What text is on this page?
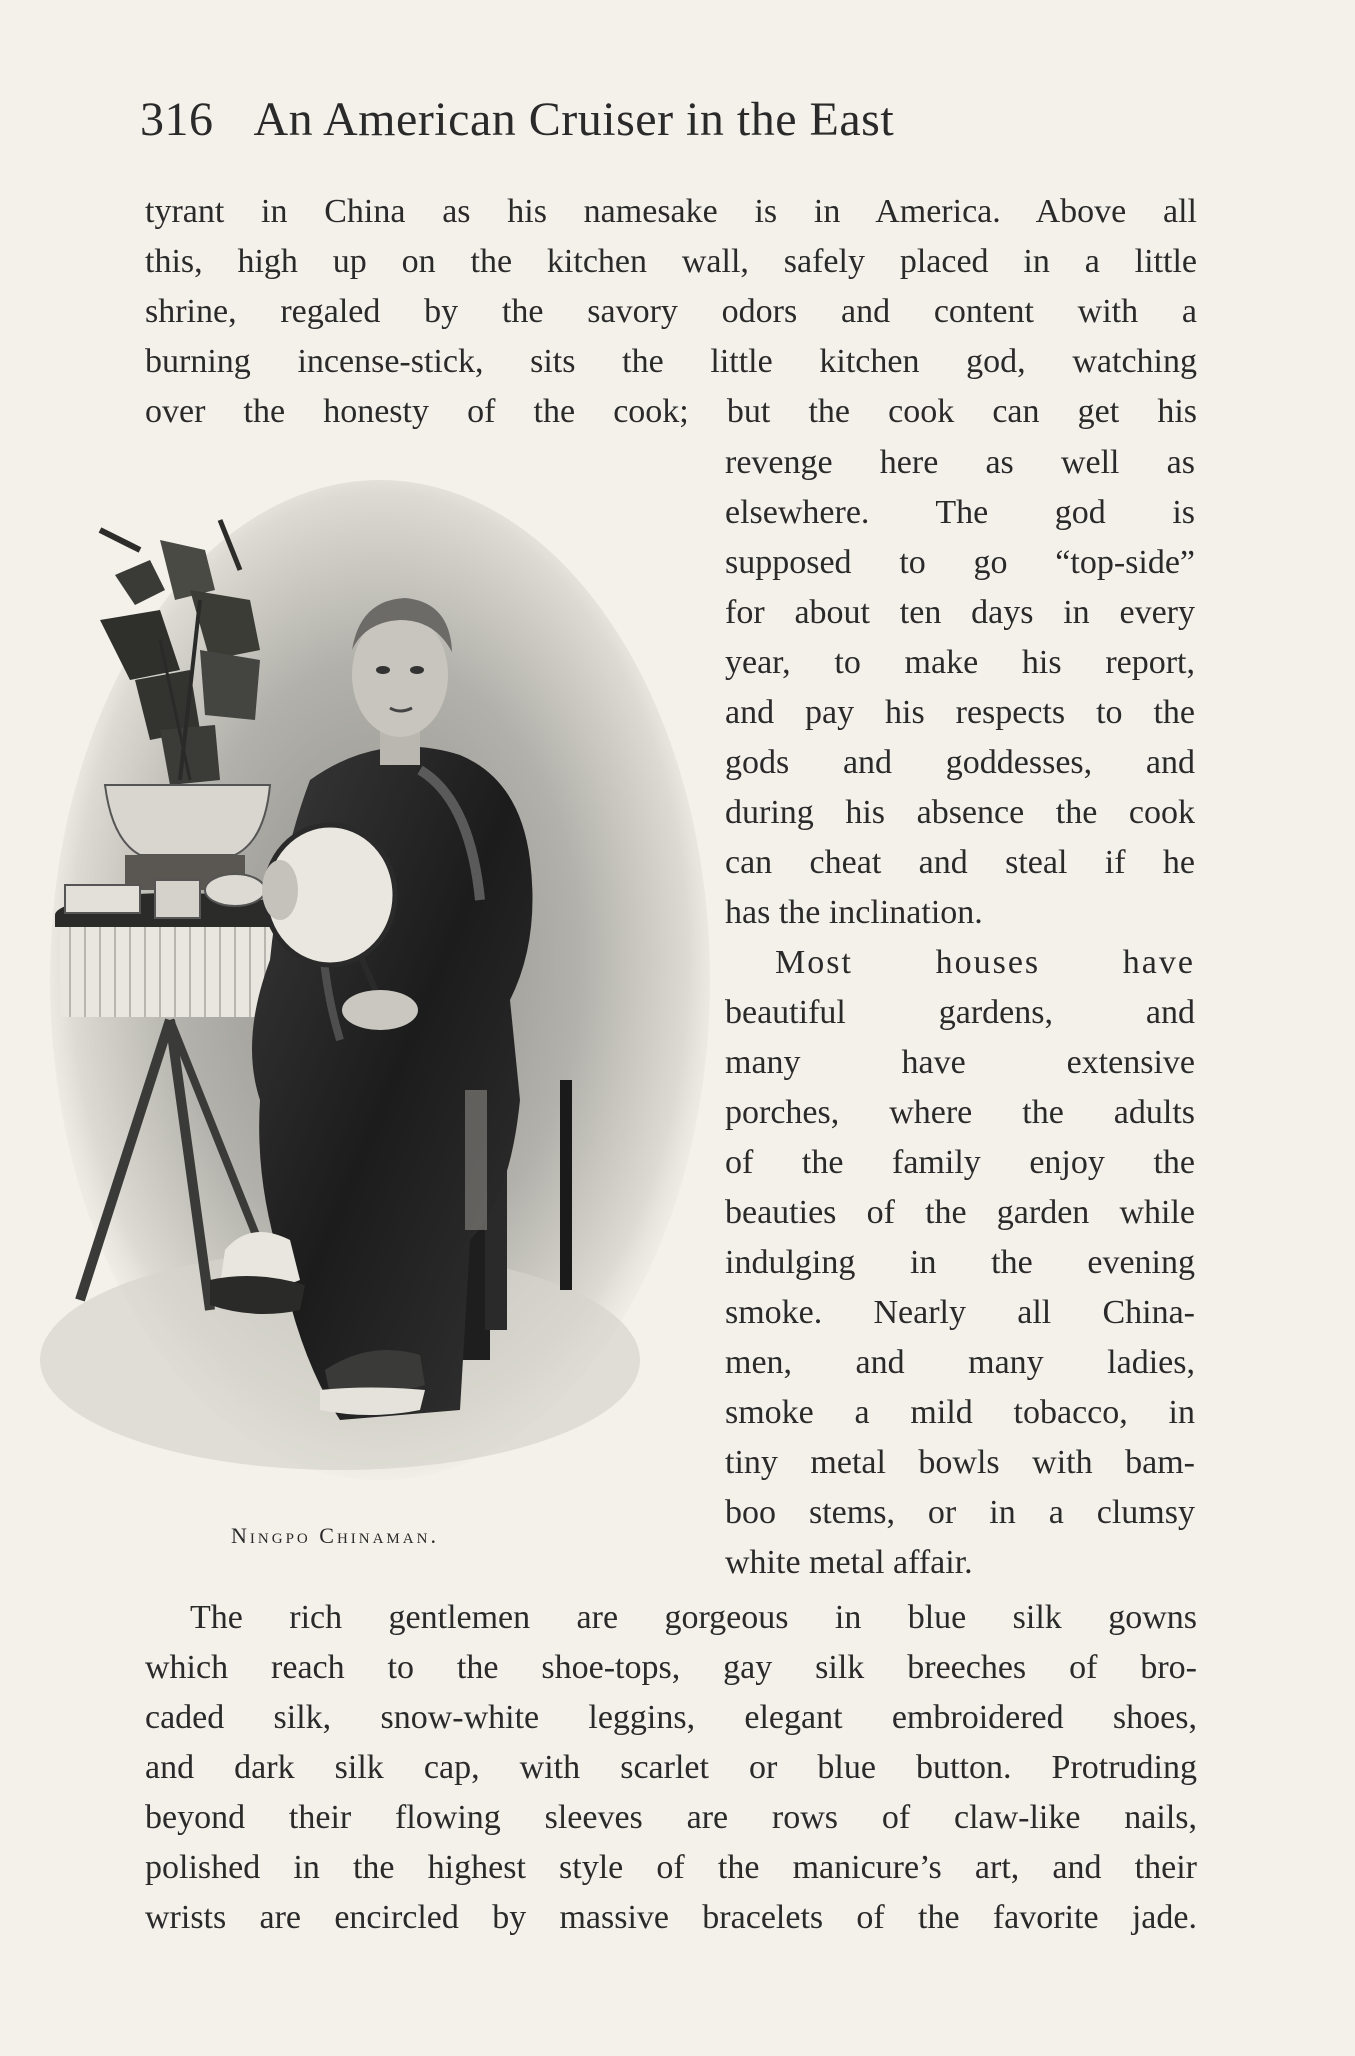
316 An American Cruiser in the East
tyrant in China as his namesake is in America. Above all
this, high up on the kitchen wall, safely placed in a little
shrine, regaled by the savory odors and content with a
burning incense-stick, sits the little kitchen god, watching
over the honesty of the cook; but the cook can get his
revenge here as well as
elsewhere. The god is
supposed to go “top-side”
for about ten days in every
year, to make his report,
and pay his respects to the
gods and goddesses, and
during his absence the cook
can cheat and steal if he
has the inclination.
Most houses have
beautiful gardens, and
many have extensive
porches, where the adults
of the family enjoy the
beauties of the garden while
indulging in the evening
smoke. Nearly all China-
men, and many ladies,
smoke a mild tobacco, in
tiny metal bowls with bam-
boo stems, or in a clumsy
white metal affair.
The rich gentlemen are gorgeous in blue silk gowns
which reach to the shoe-tops, gay silk breeches of bro-
caded silk, snow-white leggins, elegant embroidered shoes,
and dark silk cap, with scarlet or blue button. Protruding
beyond their flowing sleeves are rows of claw-like nails,
polished in the highest style of the manicure’s art, and their
wrists are encircled by massive bracelets of the favorite jade.
Ningpo Chinaman.
